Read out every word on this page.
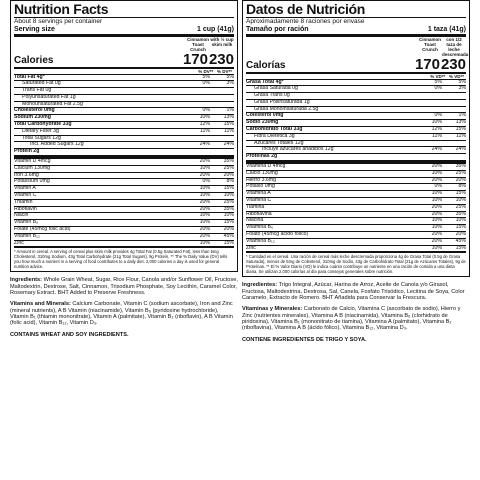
Nutrition Facts
About 8 servings per container
Serving size	1 cup (41g)
Cinnamon Toast Crunch
with ½ cup skim milk
Calories	170 230
% DV** % DV**
Total Fat 4g*	5%	5%
Saturated Fat 0g	0%	3%
Trans Fat 0g
Polyunsaturated Fat 1g
Monounsaturated Fat 2.5g
Cholesterol 0mg	0%	1%
Sodium 230mg	10%	13%
Total Carbohydrate 33g	12%	15%
Dietary Fiber 3g	11%	11%
Total Sugars 12g
Incl. Added Sugars 12g	24%	24%
Protein 2g
Vitamin D 4mcg	20%	35%
Calcium 130mg	10%	25%
Iron 3.6mg	20%	20%
Potassium 0mg	0%	8%
Vitamin A	10%	15%
Vitamin C	10%	10%
Thiamin	20%	25%
Riboflavin	20%	35%
Niacin	10%	10%
Vitamin B₆	10%	15%
Folate (45mcg folic acid)	20%	20%
Vitamin B₁₂	20%	45%
Zinc	10%	15%
* Amount in cereal. A serving of cereal plus skim milk provides 4g Total Fat (0.5g Saturated Fat), less than 5mg Cholesterol, 310mg Sodium, 43g Total Carbohydrate (21g Total Sugars), 9g Protein. ** The % Daily Value (DV) tells you how much a nutrient in a serving of food contributes to a daily diet. 2,000 calories a day is used for general nutrition advice.
Ingredients: Whole Grain Wheat, Sugar, Rice Flour, Canola and/or Sunflower Oil, Fructose, Maltodextrin, Dextrose, Salt, Cinnamon, Trisodium Phosphate, Soy Lecithin, Caramel Color, Rosemary Extract. BHT Added to Preserve Freshness.
Vitamins and Minerals: Calcium Carbonate, Vitamin C (sodium ascorbate), Iron and Zinc (mineral nutrients), A B Vitamin (niacinamide), Vitamin B₆ (pyridoxine hydrochloride), Vitamin B₁ (thiamin mononitrate), Vitamin A (palmitate), Vitamin B₂ (riboflavin), A B Vitamin (folic acid), Vitamin B₁₂, Vitamin D₃.
CONTAINS WHEAT AND SOY INGREDIENTS.
Datos de Nutrición
Aproximadamente 8 raciones por envase
Tamaño por ración	1 taza (41g)
Cinnamon Toast Crunch
con 1/2 taza de leche descremada
Calorías	170 230
% VD** % VD**
Grasa Total 4g*	5%	5%
Grasa Saturada 0g	0%	3%
Grasa Trans 0g
Grasa Poliinsaturada 1g
Grasa Monoinsaturada 2.5g
Colesterol 0mg	0%	1%
Sodio 230mg	10%	13%
Carbohidrato Total 33g	12%	15%
Fibra Dietética 3g	11%	11%
Azúcares Totales 12g
Incluye azúcares añadidos 12g	24%	24%
Proteínas 2g
Vitamina D 4mcg	20%	35%
Calcio 130mg	10%	25%
Hierro 3.6mg	20%	20%
Potasio 0mg	0%	8%
Vitamina A	10%	15%
Vitamina C	10%	10%
Tiamina	20%	25%
Riboflavina	20%	35%
Niacina	10%	10%
Vitamina B₆	10%	15%
Folato (45mcg ácido fólico)	20%	20%
Vitamina B₁₂	20%	45%
Zinc	10%	15%
* Cantidad en el cereal. Una ración de cereal más leche descremada proporciona 4g de Grasa Total (0.5g de Grasa Saturada), menos de 5mg de Colesterol, 310mg de Sodio, 43g de Carbohidrato Total (21g de Azúcares Totales), 9g de Proteínas. ** El % Valor Diario (VD) le indica cuánto contribuye un nutriente en una ración de comida a una dieta diaria. Se utilizan 2,000 calorías al día para consejos generales sobre nutrición.
Ingredientes: Trigo Integral, Azúcar, Harina de Arroz, Aceite de Canola y/o Girasol, Fructosa, Maltodextrina, Dextrosa, Sal, Canela, Fosfato Trisódico, Lecitina de Soya, Color Caramelo, Extracto de Romero. BHT Añadida para Conservar la Frescura.
Vitaminas y Minerales: Carbonato de Calcio, Vitamina C (ascorbato de sodio), Hierro y Zinc (nutrientes minerales), Vitamina A B (niacinamida), Vitamina B₆ (clorhidrato de piridoxina), Vitamina B₁ (mononitrato de tiamina), Vitamina A (palmitato), Vitamina B₂ (riboflavina), Vitamina A B (ácido fólico), Vitamina B₁₂, Vitamina D₃.
CONTIENE INGREDIENTES DE TRIGO Y SOYA.
